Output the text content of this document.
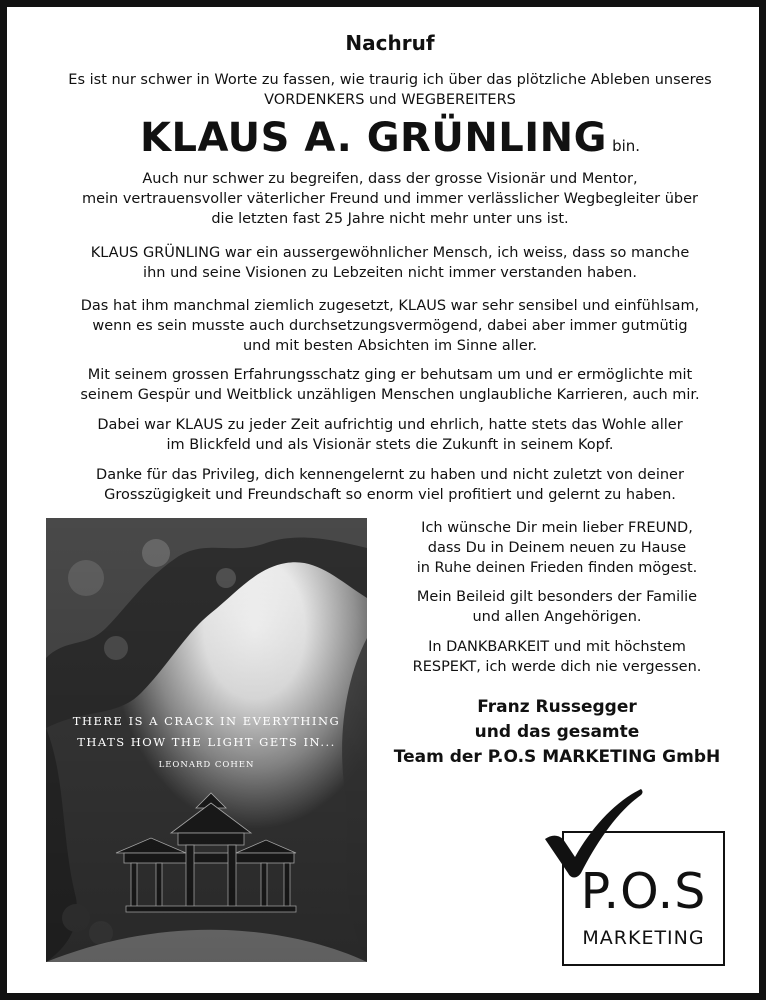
Nachruf
Es ist nur schwer in Worte zu fassen, wie traurig ich über das plötzliche Ableben unseres
VORDENKERS und WEGBEREITERS
KLAUS A. GRÜNLING bin.
Auch nur schwer zu begreifen, dass der grosse Visionär und Mentor,
mein vertrauensvoller väterlicher Freund und immer verlässlicher Wegbegleiter über
die letzten fast 25 Jahre nicht mehr unter uns ist.
KLAUS GRÜNLING war ein aussergewöhnlicher Mensch, ich weiss, dass so manche
ihn und seine Visionen zu Lebzeiten nicht immer verstanden haben.
Das hat ihm manchmal ziemlich zugesetzt, KLAUS war sehr sensibel und einfühlsam,
wenn es sein musste auch durchsetzungsvermögend, dabei aber immer gutmütig
und mit besten Absichten im Sinne aller.
Mit seinem grossen Erfahrungsschatz ging er behutsam um und er ermöglichte mit
seinem Gespür und Weitblick unzähligen Menschen unglaubliche Karrieren, auch mir.
Dabei war KLAUS zu jeder Zeit aufrichtig und ehrlich, hatte stets das Wohle aller
im Blickfeld und als Visionär stets die Zukunft in seinem Kopf.
Danke für das Privileg, dich kennengelernt zu haben und nicht zuletzt von deiner
Grosszügigkeit und Freundschaft so enorm viel profitiert und gelernt zu haben.
THERE IS A CRACK IN EVERYTHING
THATS HOW THE LIGHT GETS IN...
LEONARD COHEN
Ich wünsche Dir mein lieber FREUND,
dass Du in Deinem neuen zu Hause
in Ruhe deinen Frieden finden mögest.
Mein Beileid gilt besonders der Familie
und allen Angehörigen.
In DANKBARKEIT und mit höchstem
RESPEKT, ich werde dich nie vergessen.
Franz Russegger
und das gesamte
Team der P.O.S MARKETING GmbH
P.O.S
MARKETING
